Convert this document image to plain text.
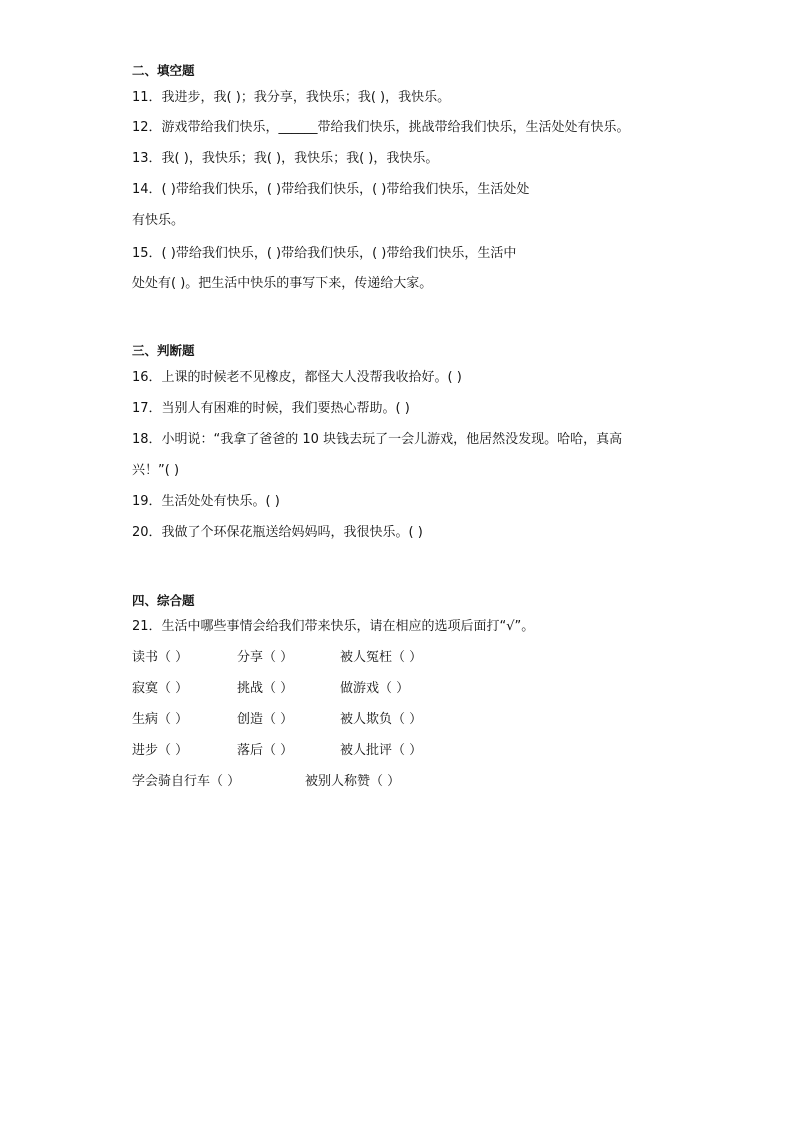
二、填空题
11．我进步，我( )；我分享，我快乐；我( )，我快乐。
12．游戏带给我们快乐，______带给我们快乐，挑战带给我们快乐，生活处处有快乐。
13．我( )，我快乐；我( )，我快乐；我( )，我快乐。
14．( )带给我们快乐，( )带给我们快乐，( )带给我们快乐，生活处处
有快乐。
15．( )带给我们快乐，( )带给我们快乐，( )带给我们快乐，生活中
处处有( )。把生活中快乐的事写下来，传递给大家。
三、判断题
16．上课的时候老不见橡皮，都怪大人没帮我收拾好。( )
17．当别人有困难的时候，我们要热心帮助。( )
18．小明说：“我拿了爸爸的 10 块钱去玩了一会儿游戏，他居然没发现。哈哈，真高
兴！”( )
19．生活处处有快乐。( )
20．我做了个环保花瓶送给妈妈吗，我很快乐。( )
四、综合题
21．生活中哪些事情会给我们带来快乐，请在相应的选项后面打“√”。
读书（ ）	分享（ ）	被人冤枉（ ）
寂寞（ ）	挑战（ ）	做游戏（ ）
生病（ ）	创造（ ）	被人欺负（ ）
进步（ ）	落后（ ）	被人批评（ ）
学会骑自行车（ ）	被别人称赞（ ）
